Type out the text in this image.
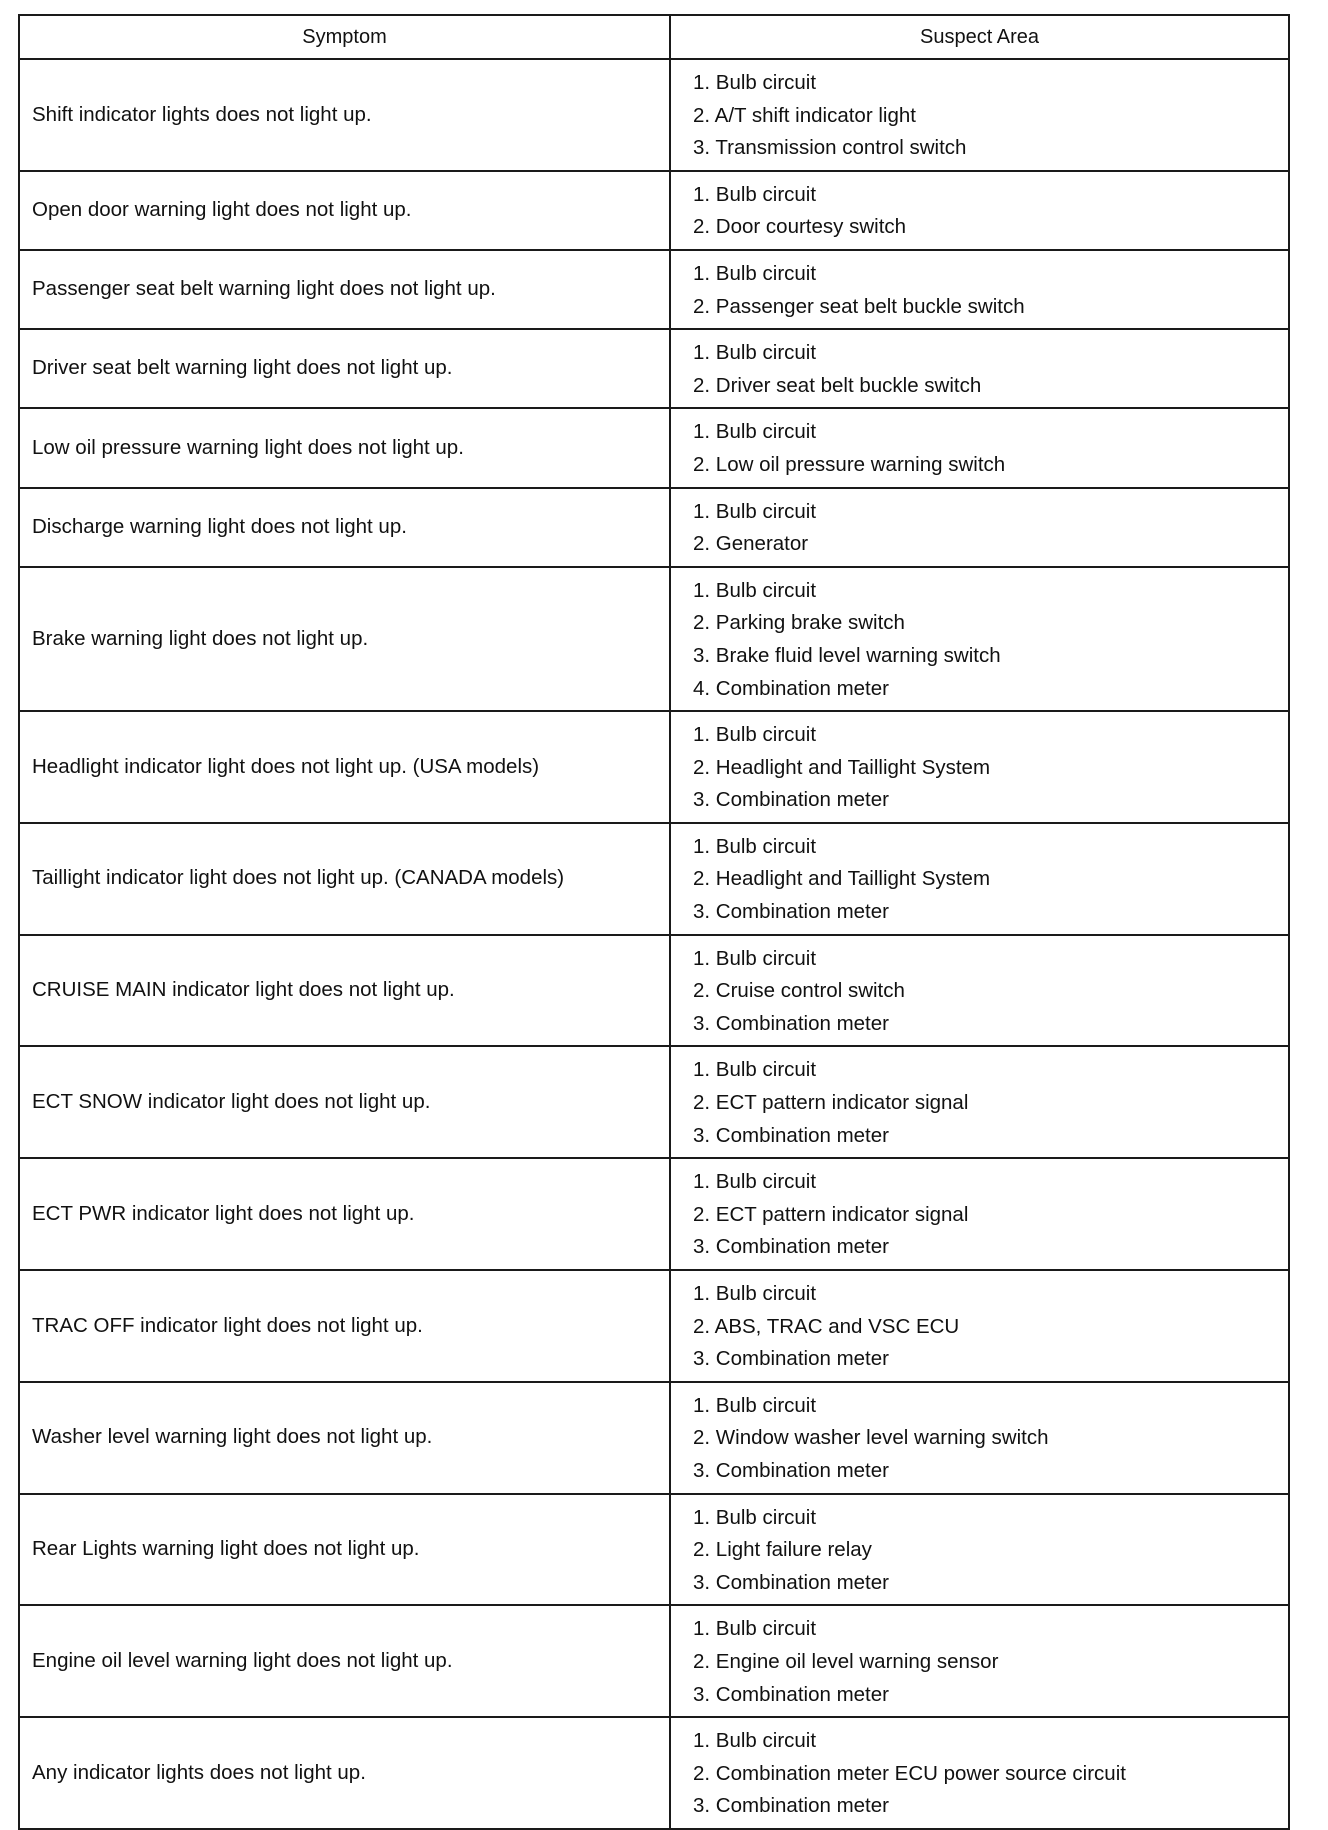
Symptom	Suspect Area
Shift indicator lights does not light up.	1. Bulb circuit
2. A/T shift indicator light
3. Transmission control switch

Open door warning light does not light up.	1. Bulb circuit
2. Door courtesy switch

Passenger seat belt warning light does not light up.	1. Bulb circuit
2. Passenger seat belt buckle switch

Driver seat belt warning light does not light up.	1. Bulb circuit
2. Driver seat belt buckle switch

Low oil pressure warning light does not light up.	1. Bulb circuit
2. Low oil pressure warning switch

Discharge warning light does not light up.	1. Bulb circuit
2. Generator

Brake warning light does not light up.	1. Bulb circuit
2. Parking brake switch
3. Brake fluid level warning switch
4. Combination meter

Headlight indicator light does not light up. (USA models)	1. Bulb circuit
2. Headlight and Taillight System
3. Combination meter

Taillight indicator light does not light up. (CANADA models)	1. Bulb circuit
2. Headlight and Taillight System
3. Combination meter

CRUISE MAIN indicator light does not light up.	1. Bulb circuit
2. Cruise control switch
3. Combination meter

ECT SNOW indicator light does not light up.	1. Bulb circuit
2. ECT pattern indicator signal
3. Combination meter

ECT PWR indicator light does not light up.	1. Bulb circuit
2. ECT pattern indicator signal
3. Combination meter

TRAC OFF indicator light does not light up.	1. Bulb circuit
2. ABS, TRAC and VSC ECU
3. Combination meter

Washer level warning light does not light up.	1. Bulb circuit
2. Window washer level warning switch
3. Combination meter

Rear Lights warning light does not light up.	1. Bulb circuit
2. Light failure relay
3. Combination meter

Engine oil level warning light does not light up.	1. Bulb circuit
2. Engine oil level warning sensor
3. Combination meter

Any indicator lights does not light up.	1. Bulb circuit
2. Combination meter ECU power source circuit
3. Combination meter
